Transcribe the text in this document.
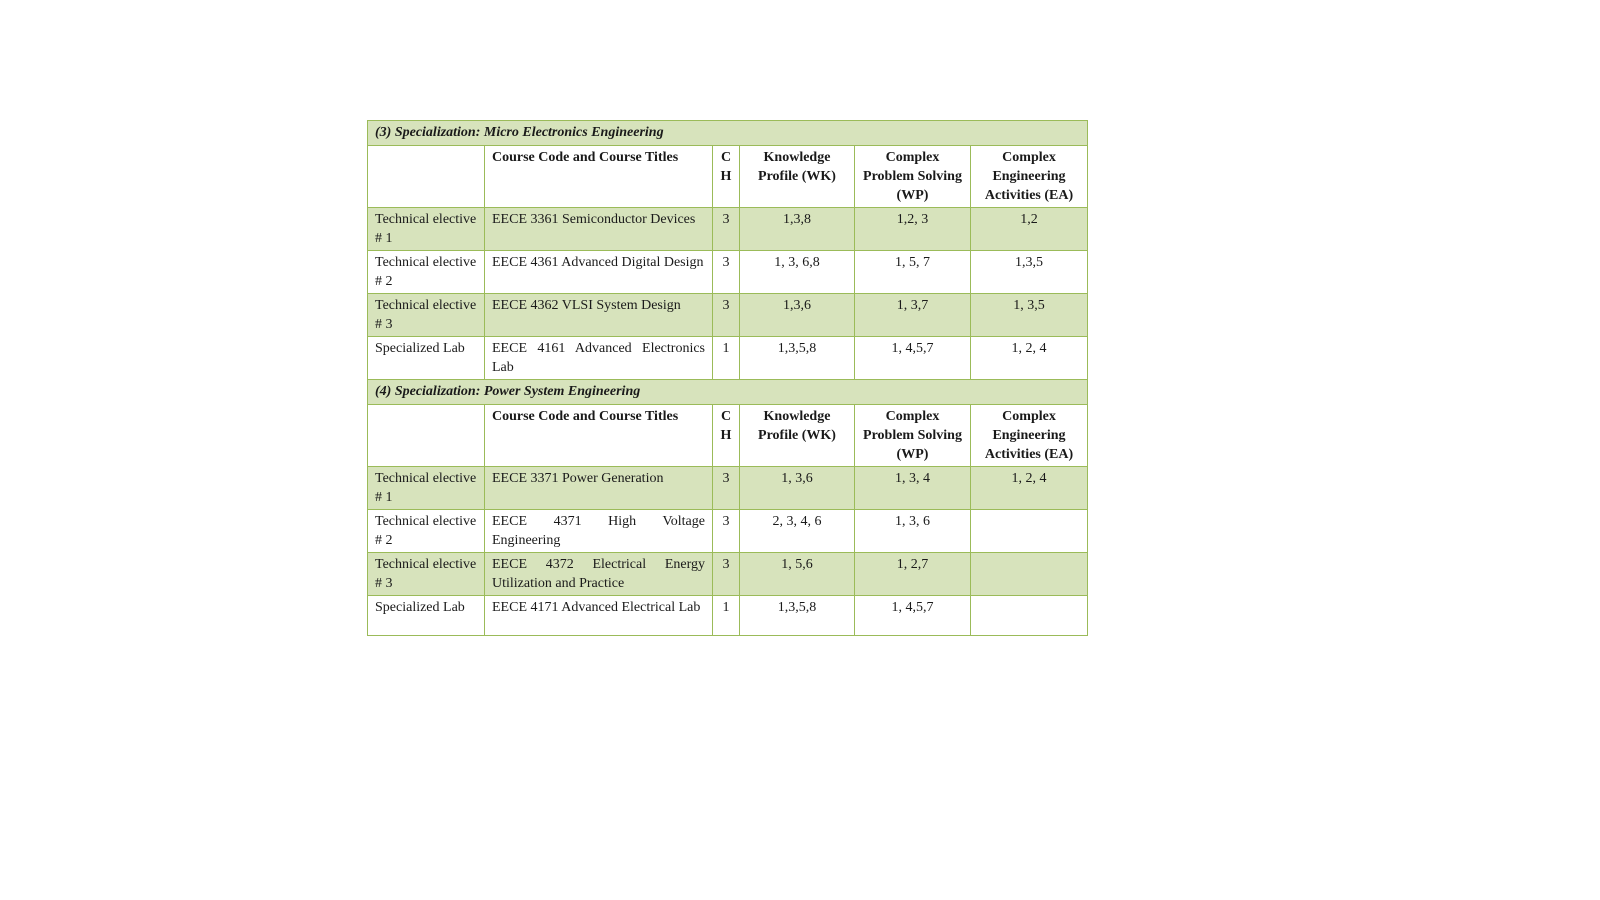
(3) Specialization: Micro Electronics Engineering					
	Course Code and Course Titles	C H	Knowledge Profile (WK)	Complex Problem Solving (WP)	Complex Engineering Activities (EA)
Technical elective # 1	EECE 3361 Semiconductor Devices	3	1,3,8	1,2, 3	1,2
Technical elective # 2	EECE 4361 Advanced Digital Design	3	1, 3, 6,8	1, 5, 7	1,3,5
Technical elective # 3	EECE 4362 VLSI System Design	3	1,3,6	1, 3,7	1, 3,5
Specialized Lab	EECE 4161 Advanced Electronics Lab	1	1,3,5,8	1, 4,5,7	1, 2, 4
(4) Specialization: Power System Engineering					
	Course Code and Course Titles	C H	Knowledge Profile (WK)	Complex Problem Solving (WP)	Complex Engineering Activities (EA)
Technical elective # 1	EECE 3371 Power Generation	3	1, 3,6	1, 3, 4	1, 2, 4
Technical elective # 2	EECE 4371 High Voltage Engineering	3	2, 3, 4, 6	1, 3, 6	
Technical elective # 3	EECE 4372 Electrical Energy Utilization and Practice	3	1, 5,6	1, 2,7	
Specialized Lab	EECE 4171 Advanced Electrical Lab	1	1,3,5,8	1, 4,5,7	
